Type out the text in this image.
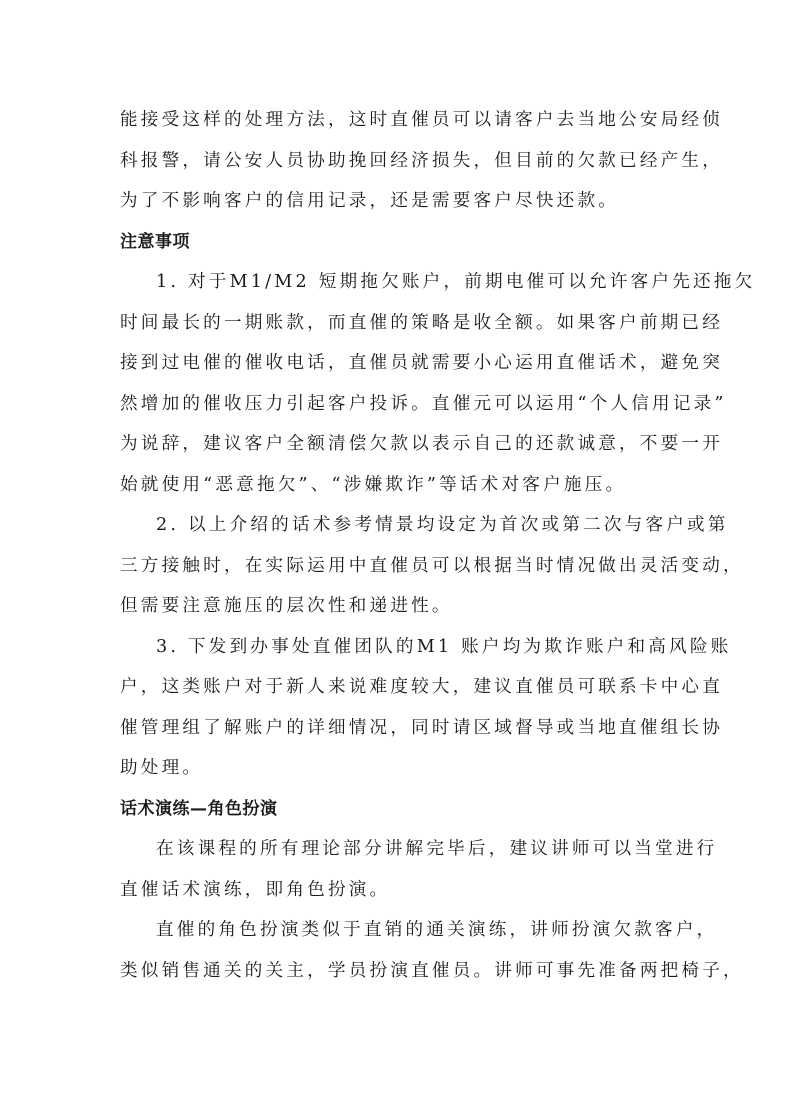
能接受这样的处理方法，这时直催员可以请客户去当地公安局经侦
科报警，请公安人员协助挽回经济损失，但目前的欠款已经产生，
为了不影响客户的信用记录，还是需要客户尽快还款。
注意事项
1. 对于M1/M2 短期拖欠账户，前期电催可以允许客户先还拖欠
时间最长的一期账款，而直催的策略是收全额。如果客户前期已经
接到过电催的催收电话，直催员就需要小心运用直催话术，避免突
然增加的催收压力引起客户投诉。直催元可以运用“个人信用记录”
为说辞，建议客户全额清偿欠款以表示自己的还款诚意，不要一开
始就使用“恶意拖欠”、“涉嫌欺诈”等话术对客户施压。
2. 以上介绍的话术参考情景均设定为首次或第二次与客户或第
三方接触时，在实际运用中直催员可以根据当时情况做出灵活变动，
但需要注意施压的层次性和递进性。
3. 下发到办事处直催团队的M1 账户均为欺诈账户和高风险账
户，这类账户对于新人来说难度较大，建议直催员可联系卡中心直
催管理组了解账户的详细情况，同时请区域督导或当地直催组长协
助处理。
话术演练—角色扮演
在该课程的所有理论部分讲解完毕后，建议讲师可以当堂进行
直催话术演练，即角色扮演。
直催的角色扮演类似于直销的通关演练，讲师扮演欠款客户，
类似销售通关的关主，学员扮演直催员。讲师可事先准备两把椅子，
